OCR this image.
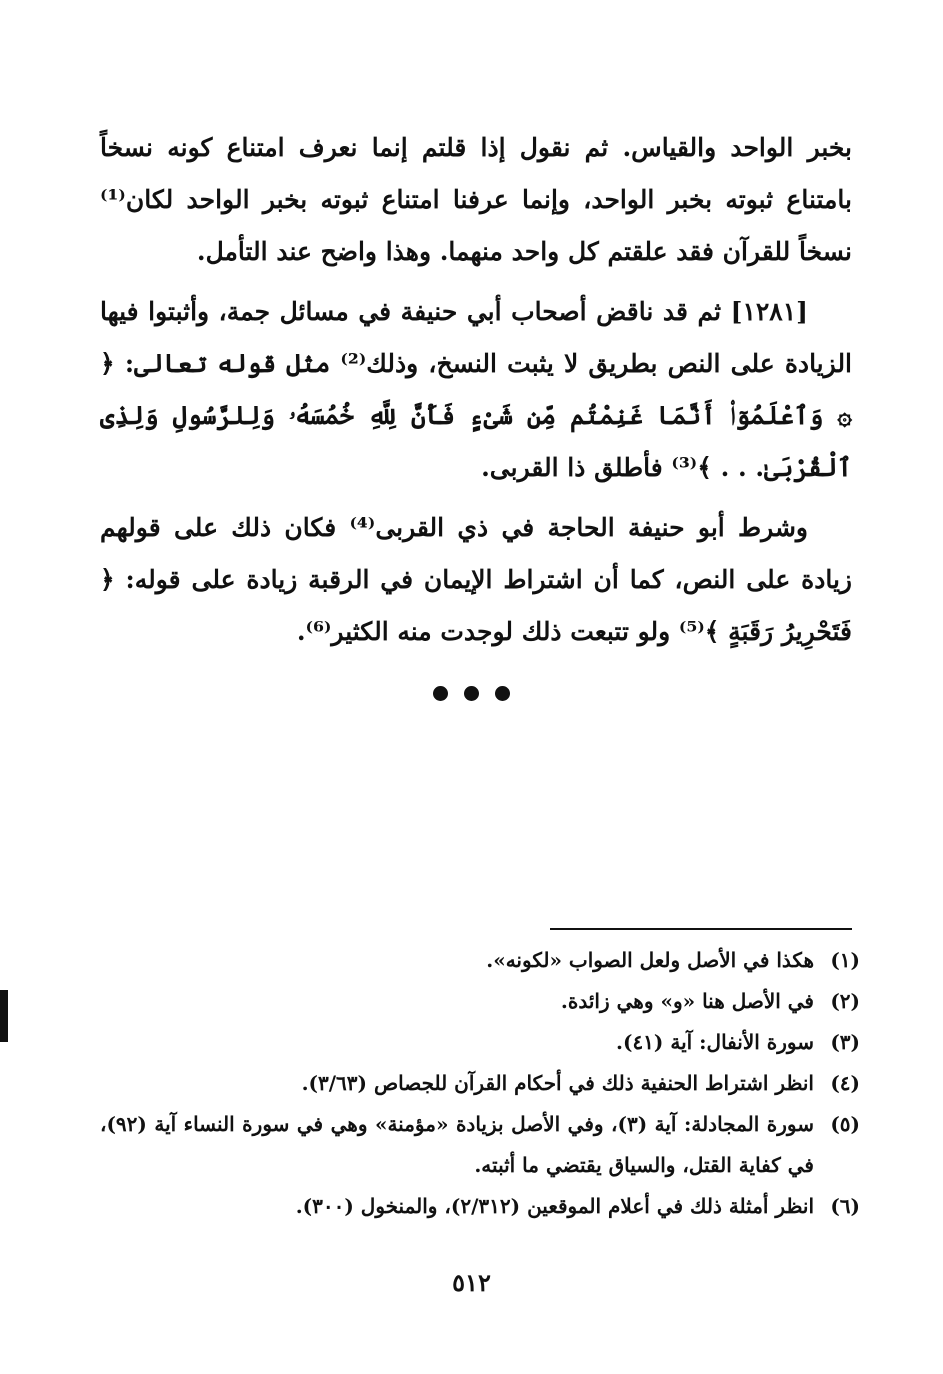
بخبر الواحد والقياس. ثم نقول إذا قلتم إنما نعرف امتناع كونه نسخاً بامتناع ثبوته بخبر الواحد، وإنما عرفنا امتناع ثبوته بخبر الواحد لكان⁽¹⁾ نسخاً للقرآن فقد علقتم كل واحد منهما. وهذا واضح عند التأمل.

[١٢٨١] ثم قد ناقض أصحاب أبي حنيفة في مسائل جمة، وأثبتوا فيها الزيادة على النص بطريق لا يثبت النسخ، وذلك⁽²⁾ مثل قوله تعالى: ﴿ ۞ وَٱعْلَمُوٓا۟ أَنَّمَا غَنِمْتُم مِّن شَىْءٍ فَأَنَّ لِلَّهِ خُمُسَهُۥ وَلِلرَّسُولِ وَلِذِى ٱلْقُرْبَىٰ. . . ﴾⁽³⁾ فأطلق ذا القربى.

وشرط أبو حنيفة الحاجة في ذي القربى⁽⁴⁾ فكان ذلك على قولهم زيادة على النص، كما أن اشتراط الإيمان في الرقبة زيادة على قوله: ﴿ فَتَحْرِيرُ رَقَبَةٍ ﴾⁽⁵⁾ ولو تتبعت ذلك لوجدت منه الكثير⁽⁶⁾.

(١)
هكذا في الأصل ولعل الصواب «لكونه».
(٢)
في الأصل هنا «و» وهي زائدة.
(٣)
سورة الأنفال: آية (٤١).
(٤)
انظر اشتراط الحنفية ذلك في أحكام القرآن للجصاص (٣/٦٣).
(٥)
سورة المجادلة: آية (٣)، وفي الأصل بزيادة «مؤمنة» وهي في سورة النساء آية (٩٢)، في كفاية القتل، والسياق يقتضي ما أثبته.
(٦)
انظر أمثلة ذلك في أعلام الموقعين (٢/٣١٢)، والمنخول (٣٠٠).
٥١٢
